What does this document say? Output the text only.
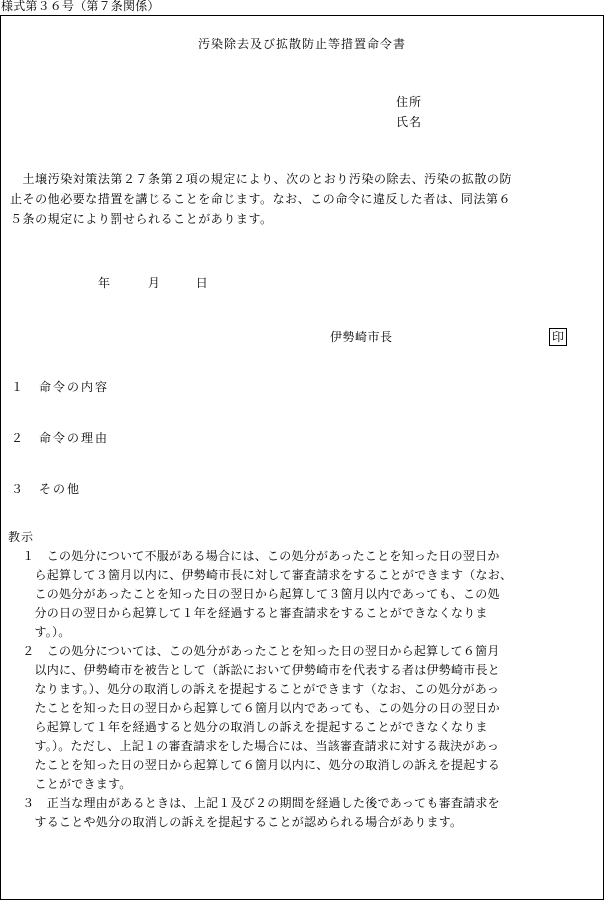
様式第３６号（第７条関係）
汚染除去及び拡散防止等措置命令書
住所
氏名
　土壌汚染対策法第２７条第２項の規定により、次のとおり汚染の除去、汚染の拡散の防
止その他必要な措置を講じることを命じます。なお、この命令に違反した者は、同法第６
５条の規定により罰せられることがあります。
年	月	日
伊勢崎市長	印
１ 命令の内容
２ 命令の理由
３ その他
教示
　１　この処分について不服がある場合には、この処分があったことを知った日の翌日か
　　ら起算して３箇月以内に、伊勢崎市長に対して審査請求をすることができます（なお、
　　この処分があったことを知った日の翌日から起算して３箇月以内であっても、この処
　　分の日の翌日から起算して１年を経過すると審査請求をすることができなくなりま
　　す。）。
　２　この処分については、この処分があったことを知った日の翌日から起算して６箇月
　　以内に、伊勢崎市を被告として（訴訟において伊勢崎市を代表する者は伊勢崎市長と
　　なります。）、処分の取消しの訴えを提起することができます（なお、この処分があっ
　　たことを知った日の翌日から起算して６箇月以内であっても、この処分の日の翌日か
　　ら起算して１年を経過すると処分の取消しの訴えを提起することができなくなりま
　　す。）。ただし、上記１の審査請求をした場合には、当該審査請求に対する裁決があっ
　　たことを知った日の翌日から起算して６箇月以内に、処分の取消しの訴えを提起する
　　ことができます。
　３　正当な理由があるときは、上記１及び２の期間を経過した後であっても審査請求を
　　することや処分の取消しの訴えを提起することが認められる場合があります。
